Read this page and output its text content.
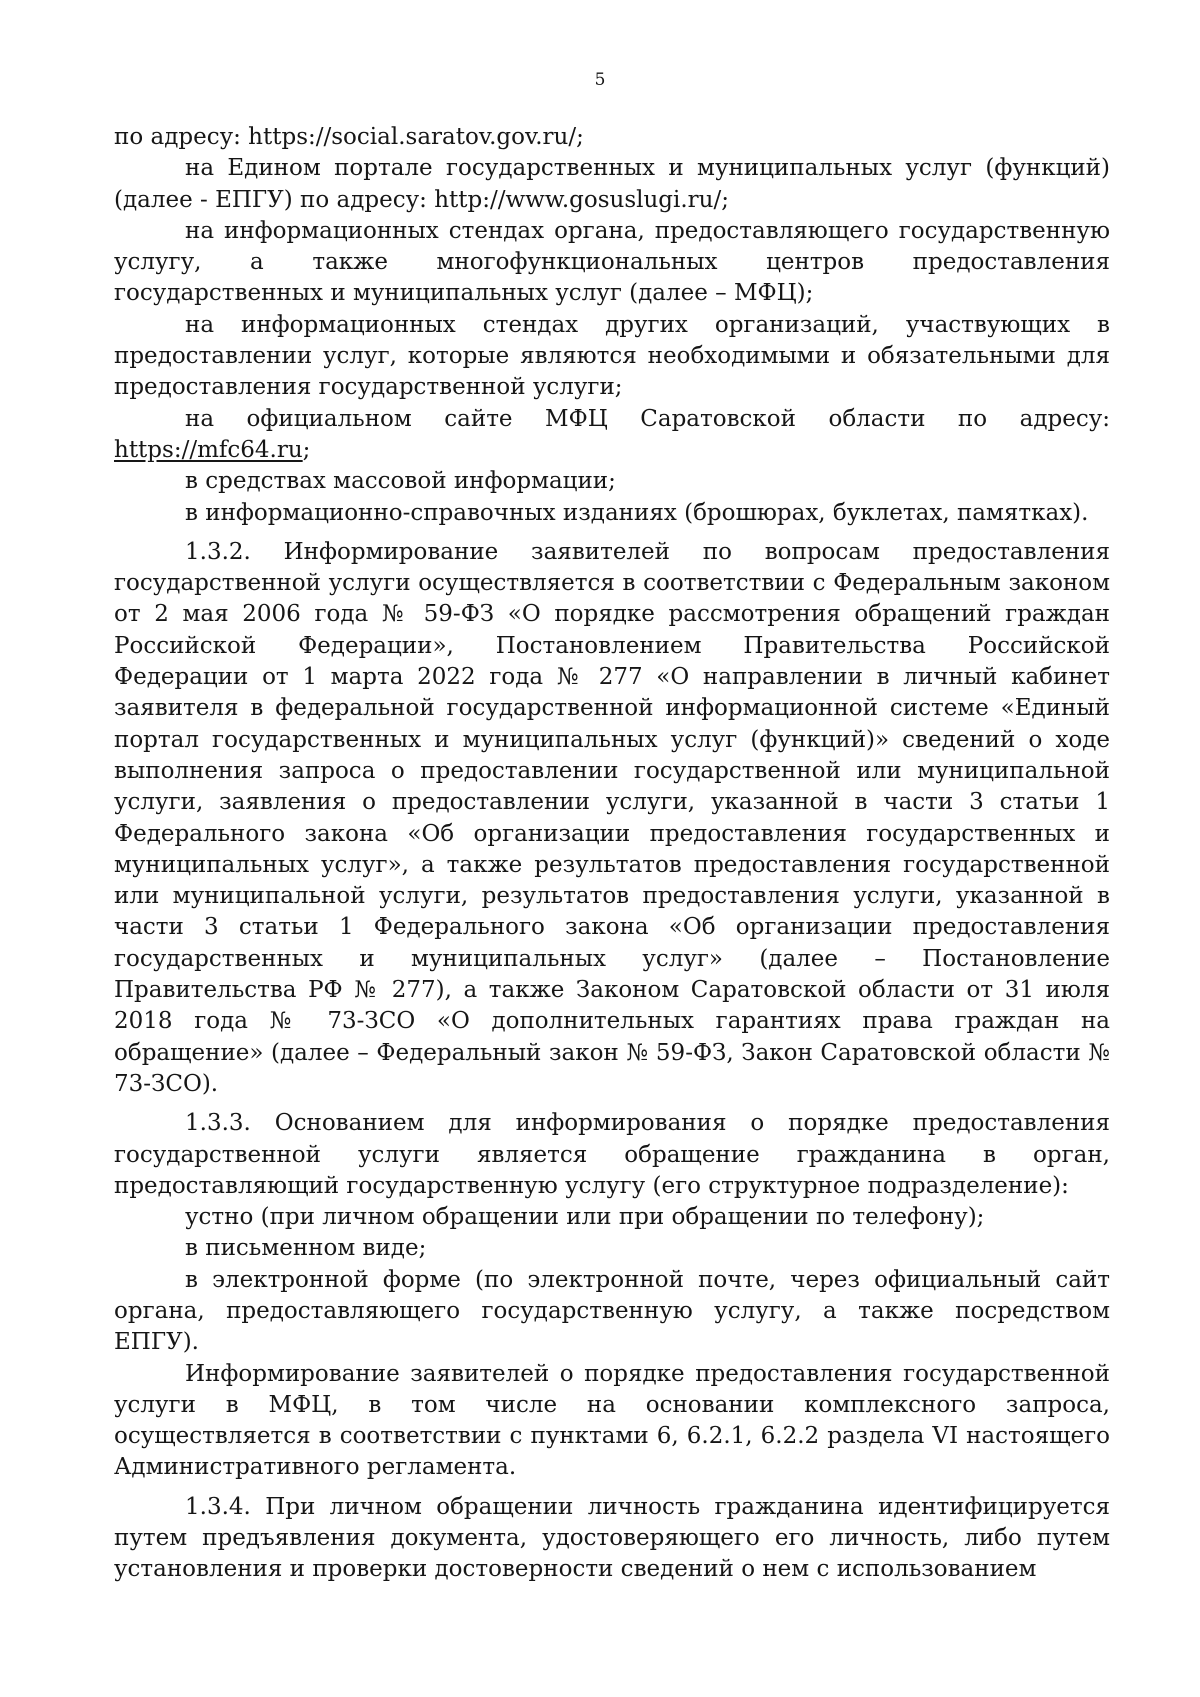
5

по адресу: https://social.saratov.gov.ru/;

на Едином портале государственных и муниципальных услуг (функций) (далее - ЕПГУ) по адресу: http://www.gosuslugi.ru/;

на информационных стендах органа, предоставляющего государственную услугу, а также многофункциональных центров предоставления государственных и муниципальных услуг (далее – МФЦ);

на информационных стендах других организаций, участвующих в предоставлении услуг, которые являются необходимыми и обязательными для предоставления государственной услуги;

на официальном сайте МФЦ Саратовской области по адресу:

https://mfc64.ru;

в средствах массовой информации;

в информационно-справочных изданиях (брошюрах, буклетах, памятках).

1.3.2. Информирование заявителей по вопросам предоставления государственной услуги осуществляется в соответствии с Федеральным законом от 2 мая 2006 года № 59-ФЗ «О порядке рассмотрения обращений граждан Российской Федерации», Постановлением Правительства Российской Федерации от 1 марта 2022 года № 277 «О направлении в личный кабинет заявителя в федеральной государственной информационной системе «Единый портал государственных и муниципальных услуг (функций)» сведений о ходе выполнения запроса о предоставлении государственной или муниципальной услуги, заявления о предоставлении услуги, указанной в части 3 статьи 1 Федерального закона «Об организации предоставления государственных и муниципальных услуг», а также результатов предоставления государственной или муниципальной услуги, результатов предоставления услуги, указанной в части 3 статьи 1 Федерального закона «Об организации предоставления государственных и муниципальных услуг» (далее – Постановление Правительства РФ № 277), а также Законом Саратовской области от 31 июля 2018 года № 73-ЗСО «О дополнительных гарантиях права граждан на обращение» (далее – Федеральный закон № 59-ФЗ, Закон Саратовской области № 73-ЗСО).

1.3.3. Основанием для информирования о порядке предоставления государственной услуги является обращение гражданина в орган, предоставляющий государственную услугу (его структурное подразделение):

устно (при личном обращении или при обращении по телефону);

в письменном виде;

в электронной форме (по электронной почте, через официальный сайт органа, предоставляющего государственную услугу, а также посредством ЕПГУ).

Информирование заявителей о порядке предоставления государственной услуги в МФЦ, в том числе на основании комплексного запроса, осуществляется в соответствии с пунктами 6, 6.2.1, 6.2.2 раздела VI настоящего Административного регламента.

1.3.4. При личном обращении личность гражданина идентифицируется путем предъявления документа, удостоверяющего его личность, либо путем установления и проверки достоверности сведений о нем с использованием
